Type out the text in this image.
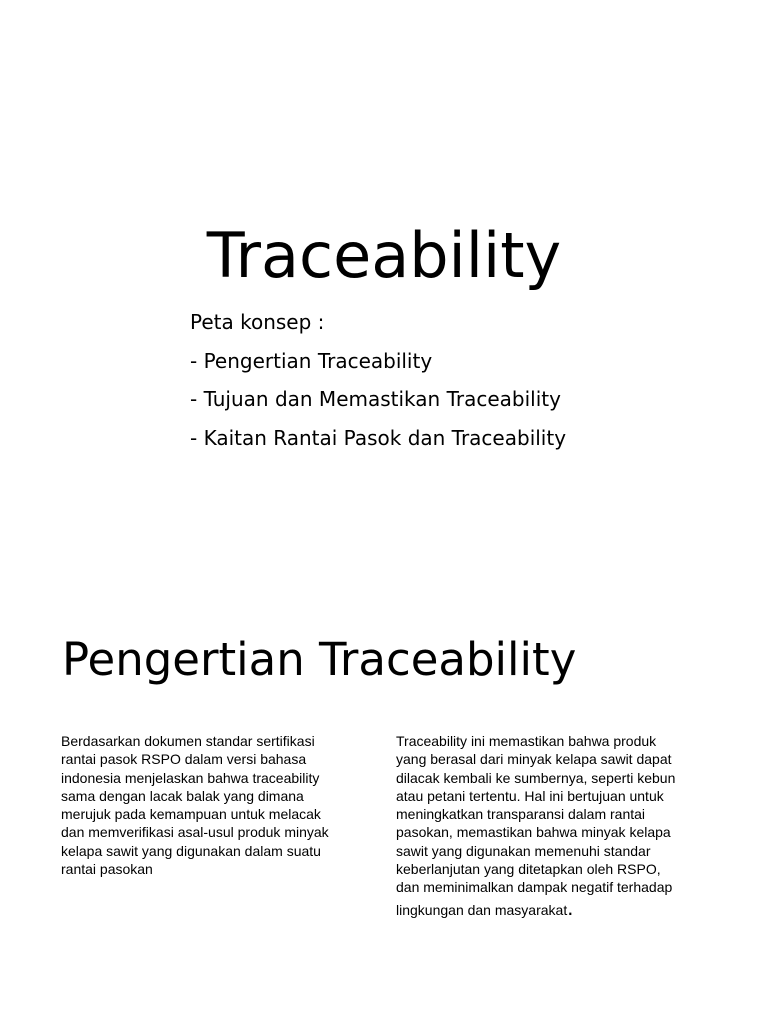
Traceability
Peta konsep :
- Pengertian Traceability
- Tujuan dan Memastikan Traceability
- Kaitan Rantai Pasok dan Traceability
Pengertian Traceability

Berdasarkan dokumen standar sertifikasi
rantai pasok RSPO dalam versi bahasa
indonesia menjelaskan bahwa traceability
sama dengan lacak balak yang dimana
merujuk pada kemampuan untuk melacak
dan memverifikasi asal-usul produk minyak
kelapa sawit yang digunakan dalam suatu
rantai pasokan

Traceability ini memastikan bahwa produk
yang berasal dari minyak kelapa sawit dapat
dilacak kembali ke sumbernya, seperti kebun
atau petani tertentu. Hal ini bertujuan untuk
meningkatkan transparansi dalam rantai
pasokan, memastikan bahwa minyak kelapa
sawit yang digunakan memenuhi standar
keberlanjutan yang ditetapkan oleh RSPO,
dan meminimalkan dampak negatif terhadap
lingkungan dan masyarakat.
